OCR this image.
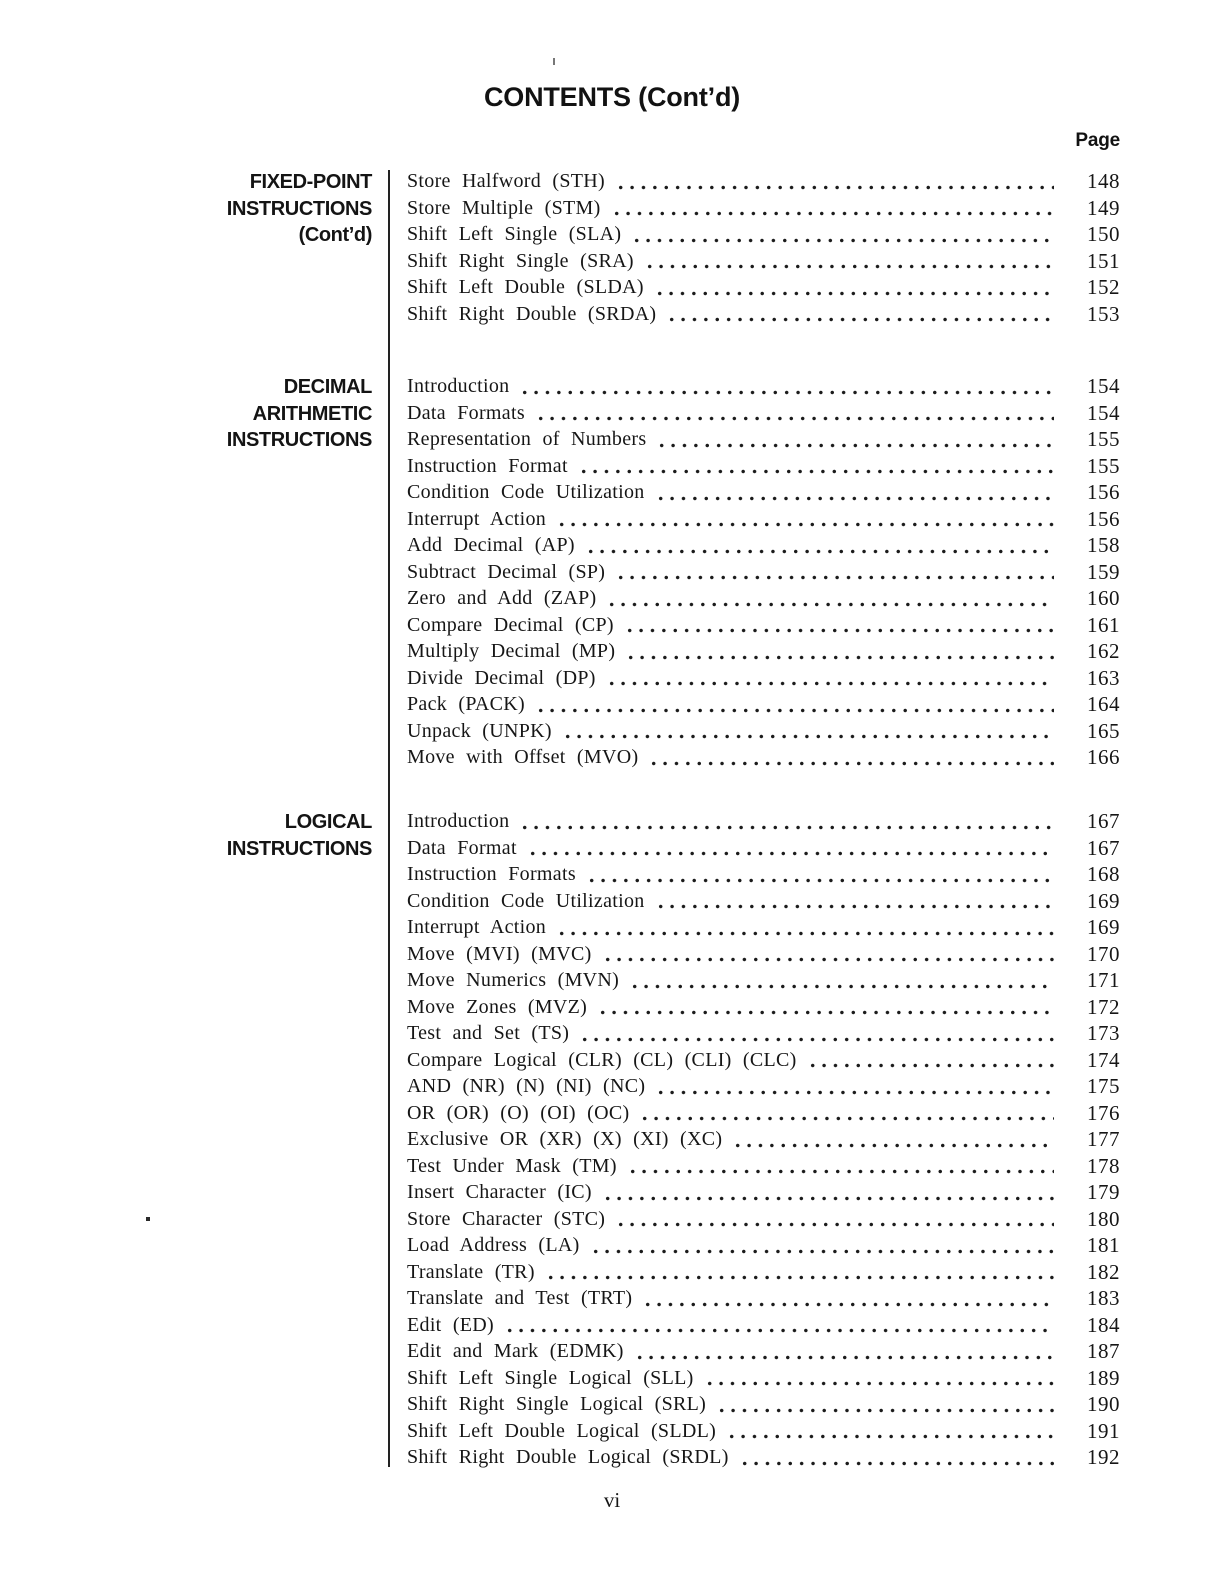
CONTENTS (Cont’d)
Page
FIXED-POINT
INSTRUCTIONS
(Cont’d)
Store Halfword (STH)	148
Store Multiple (STM)	149
Shift Left Single (SLA)	150
Shift Right Single (SRA)	151
Shift Left Double (SLDA)	152
Shift Right Double (SRDA)	153
DECIMAL
ARITHMETIC
INSTRUCTIONS
Introduction	154
Data Formats	154
Representation of Numbers	155
Instruction Format	155
Condition Code Utilization	156
Interrupt Action	156
Add Decimal (AP)	158
Subtract Decimal (SP)	159
Zero and Add (ZAP)	160
Compare Decimal (CP)	161
Multiply Decimal (MP)	162
Divide Decimal (DP)	163
Pack (PACK)	164
Unpack (UNPK)	165
Move with Offset (MVO)	166
LOGICAL
INSTRUCTIONS
Introduction	167
Data Format	167
Instruction Formats	168
Condition Code Utilization	169
Interrupt Action	169
Move (MVI) (MVC)	170
Move Numerics (MVN)	171
Move Zones (MVZ)	172
Test and Set (TS)	173
Compare Logical (CLR) (CL) (CLI) (CLC)	174
AND (NR) (N) (NI) (NC)	175
OR (OR) (O) (OI) (OC)	176
Exclusive OR (XR) (X) (XI) (XC)	177
Test Under Mask (TM)	178
Insert Character (IC)	179
Store Character (STC)	180
Load Address (LA)	181
Translate (TR)	182
Translate and Test (TRT)	183
Edit (ED)	184
Edit and Mark (EDMK)	187
Shift Left Single Logical (SLL)	189
Shift Right Single Logical (SRL)	190
Shift Left Double Logical (SLDL)	191
Shift Right Double Logical (SRDL)	192
vi
